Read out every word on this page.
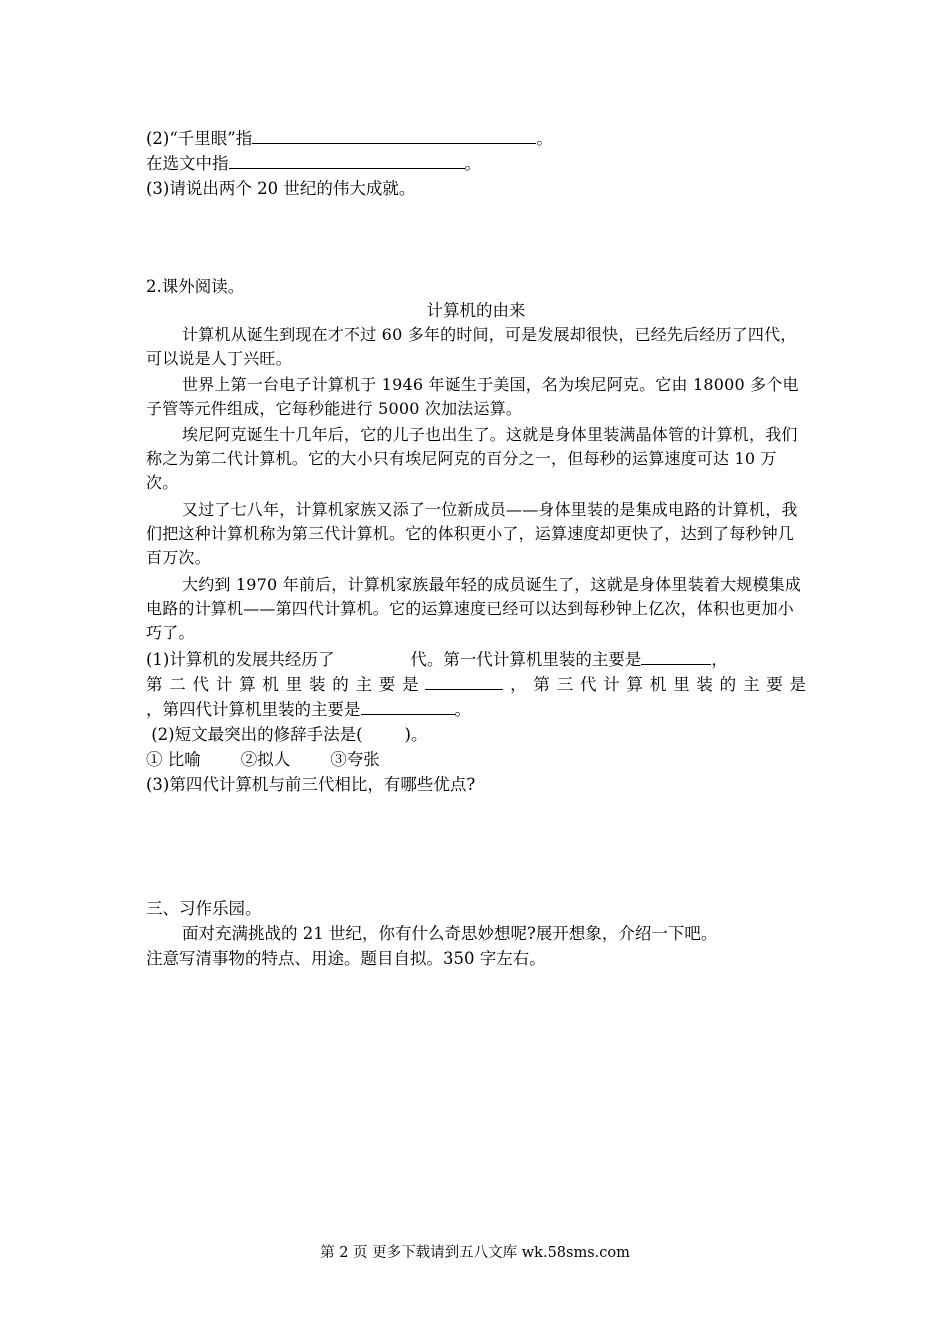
(2)“千里眼”指	。
在选文中指	。
(3)请说出两个 20 世纪的伟大成就。
2.课外阅读。
计算机的由来
计算机从诞生到现在才不过 60 多年的时间，可是发展却很快，已经先后经历了四代，可以说是人丁兴旺。
世界上第一台电子计算机于 1946 年诞生于美国，名为埃尼阿克。它由 18000 多个电子管等元件组成，它每秒能进行 5000 次加法运算。
埃尼阿克诞生十几年后，它的儿子也出生了。这就是身体里装满晶体管的计算机，我们称之为第二代计算机。它的大小只有埃尼阿克的百分之一，但每秒的运算速度可达 10 万次。
又过了七八年，计算机家族又添了一位新成员——身体里装的是集成电路的计算机，我们把这种计算机称为第三代计算机。它的体积更小了，运算速度却更快了，达到了每秒钟几百万次。
大约到 1970 年前后，计算机家族最年轻的成员诞生了，这就是身体里装着大规模集成电路的计算机——第四代计算机。它的运算速度已经可以达到每秒钟上亿次，体积也更加小巧了。
(1)计算机的发展共经历了	代。第一代计算机里装的主要是	，
第二代计算机里装的主要是	，第三代计算机里装的主要是
，第四代计算机里装的主要是	。
(2)短文最突出的修辞手法是(        )。
① 比喻 ②拟人 ③夸张
(3)第四代计算机与前三代相比，有哪些优点?
三、习作乐园。
面对充满挑战的 21 世纪，你有什么奇思妙想呢?展开想象，介绍一下吧。
注意写清事物的特点、用途。题目自拟。350 字左右。
第 2 页 更多下载请到五八文库 wk.58sms.com
